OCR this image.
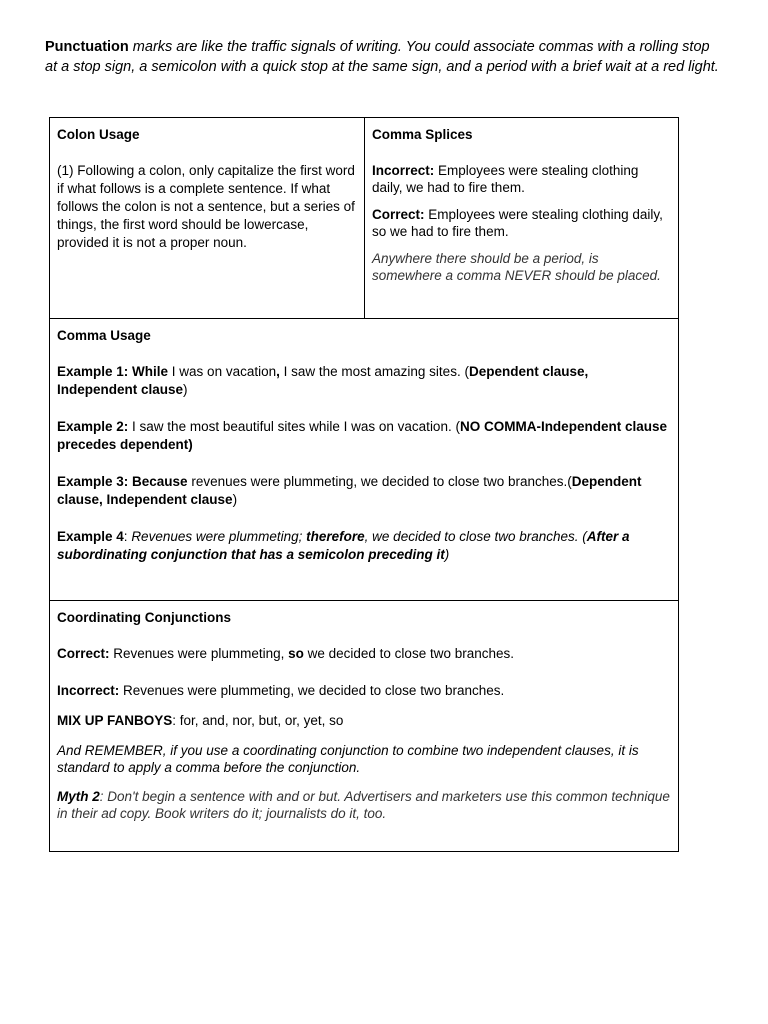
Punctuation marks are like the traffic signals of writing. You could associate commas with a rolling stop at a stop sign, a semicolon with a quick stop at the same sign, and a period with a brief wait at a red light.

Colon Usage

(1) Following a colon, only capitalize the first word if what follows is a complete sentence. If what follows the colon is not a sentence, but a series of things, the first word should be lowercase, provided it is not a proper noun.

Comma Splices

Incorrect: Employees were stealing clothing daily, we had to fire them.

Correct: Employees were stealing clothing daily, so we had to fire them.

Anywhere there should be a period, is somewhere a comma NEVER should be placed.

Comma Usage

Example 1: While I was on vacation, I saw the most amazing sites. (Dependent clause, Independent clause)

Example 2: I saw the most beautiful sites while I was on vacation. (NO COMMA-Independent clause precedes dependent)

Example 3: Because revenues were plummeting, we decided to close two branches.(Dependent clause, Independent clause)

Example 4: Revenues were plummeting; therefore, we decided to close two branches. (After a subordinating conjunction that has a semicolon preceding it)

Coordinating Conjunctions

Correct: Revenues were plummeting, so we decided to close two branches.

Incorrect: Revenues were plummeting, we decided to close two branches.

MIX UP FANBOYS: for, and, nor, but, or, yet, so

And REMEMBER, if you use a coordinating conjunction to combine two independent clauses, it is standard to apply a comma before the conjunction.

Myth 2: Don't begin a sentence with and or but. Advertisers and marketers use this common technique in their ad copy. Book writers do it; journalists do it, too.
